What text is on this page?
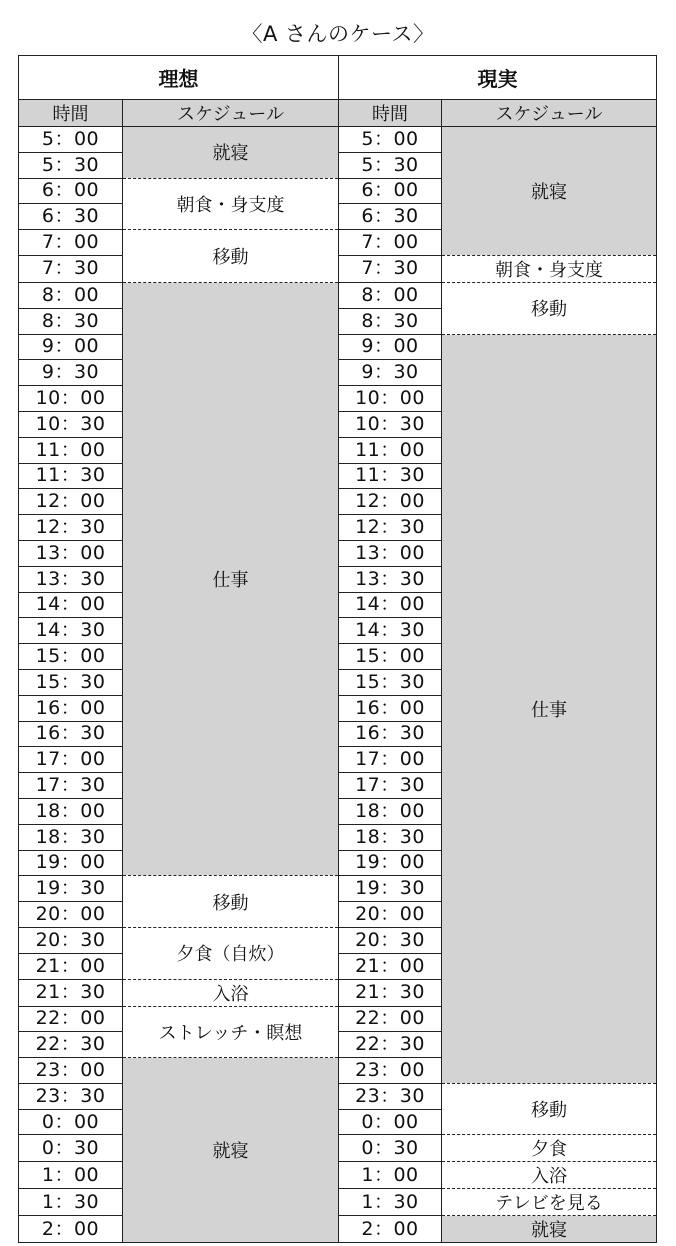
〈A さんのケース〉
理想		現実	
時間	スケジュール	時間	スケジュール
5：00	就寝	5：00	就寝
5：30		5：30	
6：00	朝食・身支度	6：00	
6：30		6：30	
7：00	移動	7：00	
7：30		7：30	朝食・身支度
8：00	仕事	8：00	移動
8：30		8：30	
9：00		9：00	仕事
9：30		9：30	
10：00		10：00	
10：30		10：30	
11：00		11：00	
11：30		11：30	
12：00		12：00	
12：30		12：30	
13：00		13：00	
13：30		13：30	
14：00		14：00	
14：30		14：30	
15：00		15：00	
15：30		15：30	
16：00		16：00	
16：30		16：30	
17：00		17：00	
17：30		17：30	
18：00		18：00	
18：30		18：30	
19：00		19：00	
19：30	移動	19：30	
20：00		20：00	
20：30	夕食（自炊）	20：30	
21：00		21：00	
21：30	入浴	21：30	
22：00	ストレッチ・瞑想	22：00	
22：30		22：30	
23：00	就寝	23：00	
23：30		23：30	移動
0：00		0：00	
0：30		0：30	夕食
1：00		1：00	入浴
1：30		1：30	テレビを見る
2：00		2：00	就寝
